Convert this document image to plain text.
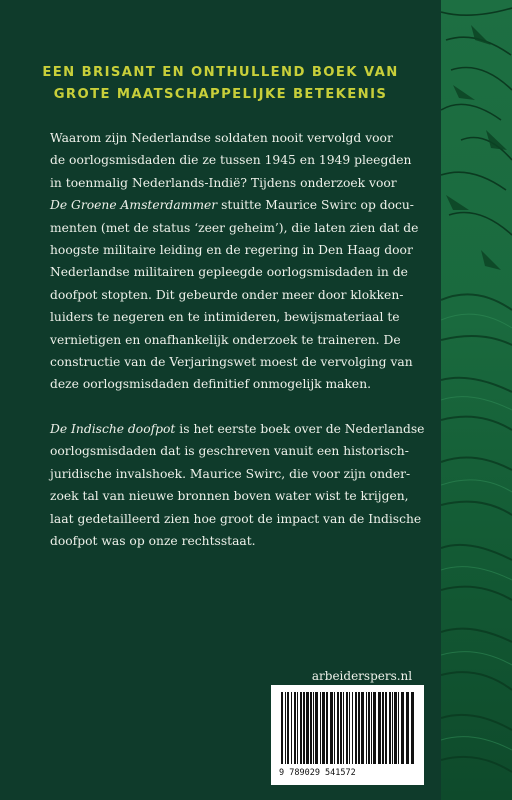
EEN BRISANT EN ONTHULLEND BOEK VAN
GROTE MAATSCHAPPELIJKE BETEKENIS

Waarom zijn Nederlandse soldaten nooit vervolgd voor
de oorlogsmisdaden die ze tussen 1945 en 1949 pleegden
in toenmalig Nederlands-Indië? Tijdens onderzoek voor
De Groene Amsterdammer stuitte Maurice Swirc op docu-
menten (met de status ‘zeer geheim’), die laten zien dat de
hoogste militaire leiding en de regering in Den Haag door
Nederlandse militairen gepleegde oorlogsmisdaden in de
doofpot stopten. Dit gebeurde onder meer door klokken-
luiders te negeren en te intimideren, bewijsmateriaal te
vernietigen en onafhankelijk onderzoek te traineren. De
constructie van de Verjaringswet moest de vervolging van
deze oorlogsmisdaden definitief onmogelijk maken.

De Indische doofpot is het eerste boek over de Nederlandse
oorlogsmisdaden dat is geschreven vanuit een historisch-
juridische invalshoek. Maurice Swirc, die voor zijn onder-
zoek tal van nieuwe bronnen boven water wist te krijgen,
laat gedetailleerd zien hoe groot de impact van de Indische
doofpot was op onze rechtsstaat.

arbeiderspers.nl
9 789029 541572
